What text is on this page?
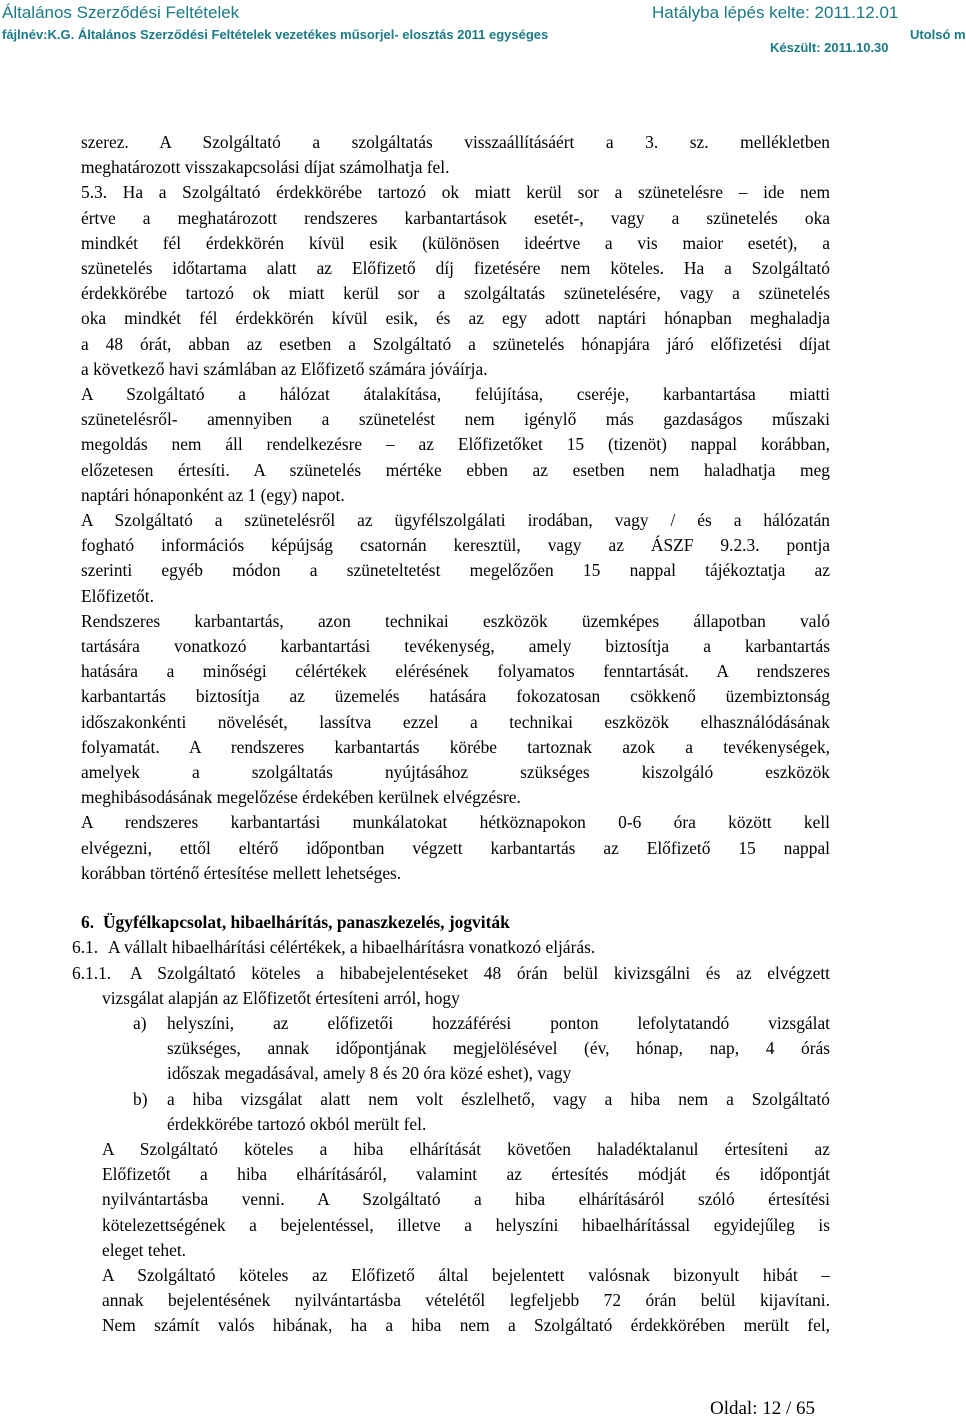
Általános Szerződési Feltételek	Hatályba lépés kelte: 2011.12.01
fájlnév:K.G. Általános Szerződési Feltételek vezetékes műsorjel- elosztás 2011 egységes	Utolsó m
Készült: 2011.10.30
szerez. A Szolgáltató a szolgáltatás visszaállításáért a 3. sz. mellékletben
meghatározott visszakapcsolási díjat számolhatja fel.
5.3. Ha a Szolgáltató érdekkörébe tartozó ok miatt kerül sor a szünetelésre – ide nem
értve a meghatározott rendszeres karbantartások esetét-, vagy a szünetelés oka
mindkét fél érdekkörén kívül esik (különösen ideértve a vis maior esetét), a
szünetelés időtartama alatt az Előfizető díj fizetésére nem köteles. Ha a Szolgáltató
érdekkörébe tartozó ok miatt kerül sor a szolgáltatás szünetelésére, vagy a szünetelés
oka mindkét fél érdekkörén kívül esik, és az egy adott naptári hónapban meghaladja
a 48 órát, abban az esetben a Szolgáltató a szünetelés hónapjára járó előfizetési díjat
a következő havi számlában az Előfizető számára jóváírja.
A Szolgáltató a hálózat átalakítása, felújítása, cseréje, karbantartása miatti
szünetelésről- amennyiben a szünetelést nem igénylő más gazdaságos műszaki
megoldás nem áll rendelkezésre – az Előfizetőket 15 (tizenöt) nappal korábban,
előzetesen értesíti. A szünetelés mértéke ebben az esetben nem haladhatja meg
naptári hónaponként az 1 (egy) napot.
A Szolgáltató a szünetelésről az ügyfélszolgálati irodában, vagy / és a hálózatán
fogható információs képújság csatornán keresztül, vagy az ÁSZF 9.2.3. pontja
szerinti egyéb módon a szüneteltetést megelőzően 15 nappal tájékoztatja az
Előfizetőt.
Rendszeres karbantartás, azon technikai eszközök üzemképes állapotban való
tartására vonatkozó karbantartási tevékenység, amely biztosítja a karbantartás
hatására a minőségi célértékek elérésének folyamatos fenntartását. A rendszeres
karbantartás biztosítja az üzemelés hatására fokozatosan csökkenő üzembiztonság
időszakonkénti növelését, lassítva ezzel a technikai eszközök elhasználódásának
folyamatát. A rendszeres karbantartás körébe tartoznak azok a tevékenységek,
amelyek a szolgáltatás nyújtásához szükséges kiszolgáló eszközök
meghibásodásának megelőzése érdekében kerülnek elvégzésre.
A rendszeres karbantartási munkálatokat hétköznapokon 0-6 óra között kell
elvégezni, ettől eltérő időpontban végzett karbantartás az Előfizető 15 nappal
korábban történő értesítése mellett lehetséges.
6. Ügyfélkapcsolat, hibaelhárítás, panaszkezelés, jogviták
6.1. A vállalt hibaelhárítási célértékek, a hibaelhárításra vonatkozó eljárás.
6.1.1. A Szolgáltató köteles a hibabejelentéseket 48 órán belül kivizsgálni és az elvégzett
vizsgálat alapján az Előfizetőt értesíteni arról, hogy
a) helyszíni, az előfizetői hozzáférési ponton lefolytatandó vizsgálat
szükséges, annak időpontjának megjelölésével (év, hónap, nap, 4 órás
időszak megadásával, amely 8 és 20 óra közé eshet), vagy
b) a hiba vizsgálat alatt nem volt észlelhető, vagy a hiba nem a Szolgáltató
érdekkörébe tartozó okból merült fel.
A Szolgáltató köteles a hiba elhárítását követően haladéktalanul értesíteni az
Előfizetőt a hiba elhárításáról, valamint az értesítés módját és időpontját
nyilvántartásba venni. A Szolgáltató a hiba elhárításáról szóló értesítési
kötelezettségének a bejelentéssel, illetve a helyszíni hibaelhárítással egyidejűleg is
eleget tehet.
A Szolgáltató köteles az Előfizető által bejelentett valósnak bizonyult hibát –
annak bejelentésének nyilvántartásba vételétől legfeljebb 72 órán belül kijavítani.
Nem számít valós hibának, ha a hiba nem a Szolgáltató érdekkörében merült fel,
Oldal: 12 / 65
